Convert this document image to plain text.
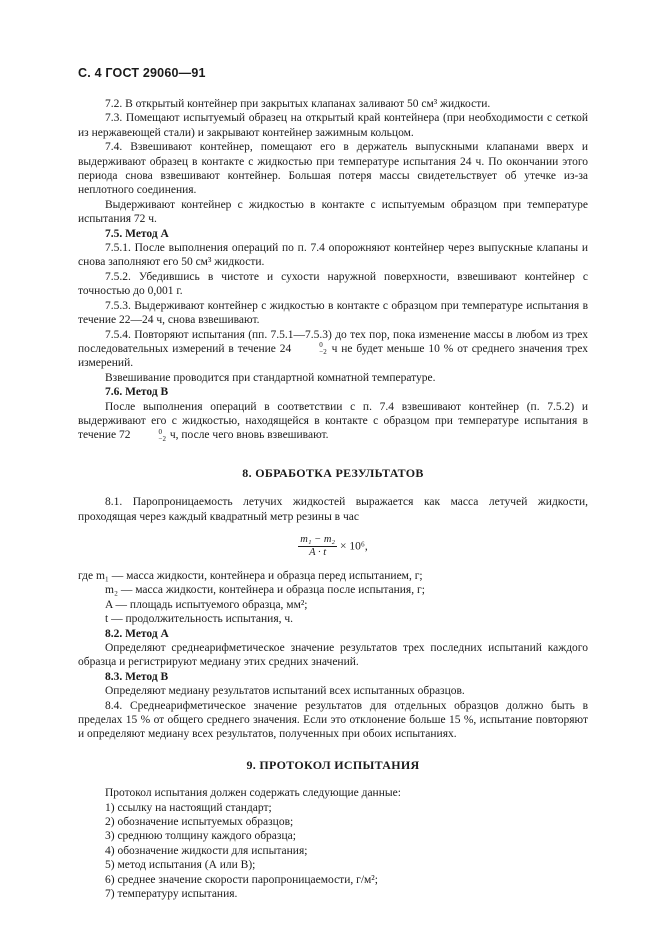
С. 4 ГОСТ 29060—91

7.2. В открытый контейнер при закрытых клапанах заливают 50 см³ жидкости.

7.3. Помещают испытуемый образец на открытый край контейнера (при необходимости с сеткой из нержавеющей стали) и закрывают контейнер зажимным кольцом.

7.4. Взвешивают контейнер, помещают его в держатель выпускными клапанами вверх и выдерживают образец в контакте с жидкостью при температуре испытания 24 ч. По окончании этого периода снова взвешивают контейнер. Большая потеря массы свидетельствует об утечке из-за неплотного соединения.

Выдерживают контейнер с жидкостью в контакте с испытуемым образцом при температуре испытания 72 ч.

7.5. Метод А

7.5.1. После выполнения операций по п. 7.4 опорожняют контейнер через выпускные клапаны и снова заполняют его 50 см³ жидкости.

7.5.2. Убедившись в чистоте и сухости наружной поверхности, взвешивают контейнер с точностью до 0,001 г.

7.5.3. Выдерживают контейнер с жидкостью в контакте с образцом при температуре испытания в течение 22—24 ч, снова взвешивают.

7.5.4. Повторяют испытания (пп. 7.5.1—7.5.3) до тех пор, пока изменение массы в любом из трех последовательных измерений в течение 24	0
−2 ч не будет меньше 10 % от среднего значения трех измерений.

Взвешивание проводится при стандартной комнатной температуре.

7.6. Метод В

После выполнения операций в соответствии с п. 7.4 взвешивают контейнер (п. 7.5.2) и выдерживают его с жидкостью, находящейся в контакте с образцом при температуре испытания в течение 72	0
−2 ч, после чего вновь взвешивают.

8. ОБРАБОТКА РЕЗУЛЬТАТОВ

8.1. Паропроницаемость летучих жидкостей выражается как масса летучей жидкости, проходящая через каждый квадратный метр резины в час

$\frac{\text{m₁ − m₂}}{A \cdot t} \times 10^6$,

где m₁ — масса жидкости, контейнера и образца перед испытанием, г;

m₂ — масса жидкости, контейнера и образца после испытания, г;

A — площадь испытуемого образца, мм²;

t — продолжительность испытания, ч.

8.2. Метод А

Определяют среднеарифметическое значение результатов трех последних испытаний каждого образца и регистрируют медиану этих средних значений.

8.3. Метод В

Определяют медиану результатов испытаний всех испытанных образцов.

8.4. Среднеарифметическое значение результатов для отдельных образцов должно быть в пределах 15 % от общего среднего значения. Если это отклонение больше 15 %, испытание повторяют и определяют медиану всех результатов, полученных при обоих испытаниях.

9. ПРОТОКОЛ ИСПЫТАНИЯ

Протокол испытания должен содержать следующие данные:

1) ссылку на настоящий стандарт;

2) обозначение испытуемых образцов;

3) среднюю толщину каждого образца;

4) обозначение жидкости для испытания;

5) метод испытания (А или В);

6) среднее значение скорости паропроницаемости, г/м²;

7) температуру испытания.
